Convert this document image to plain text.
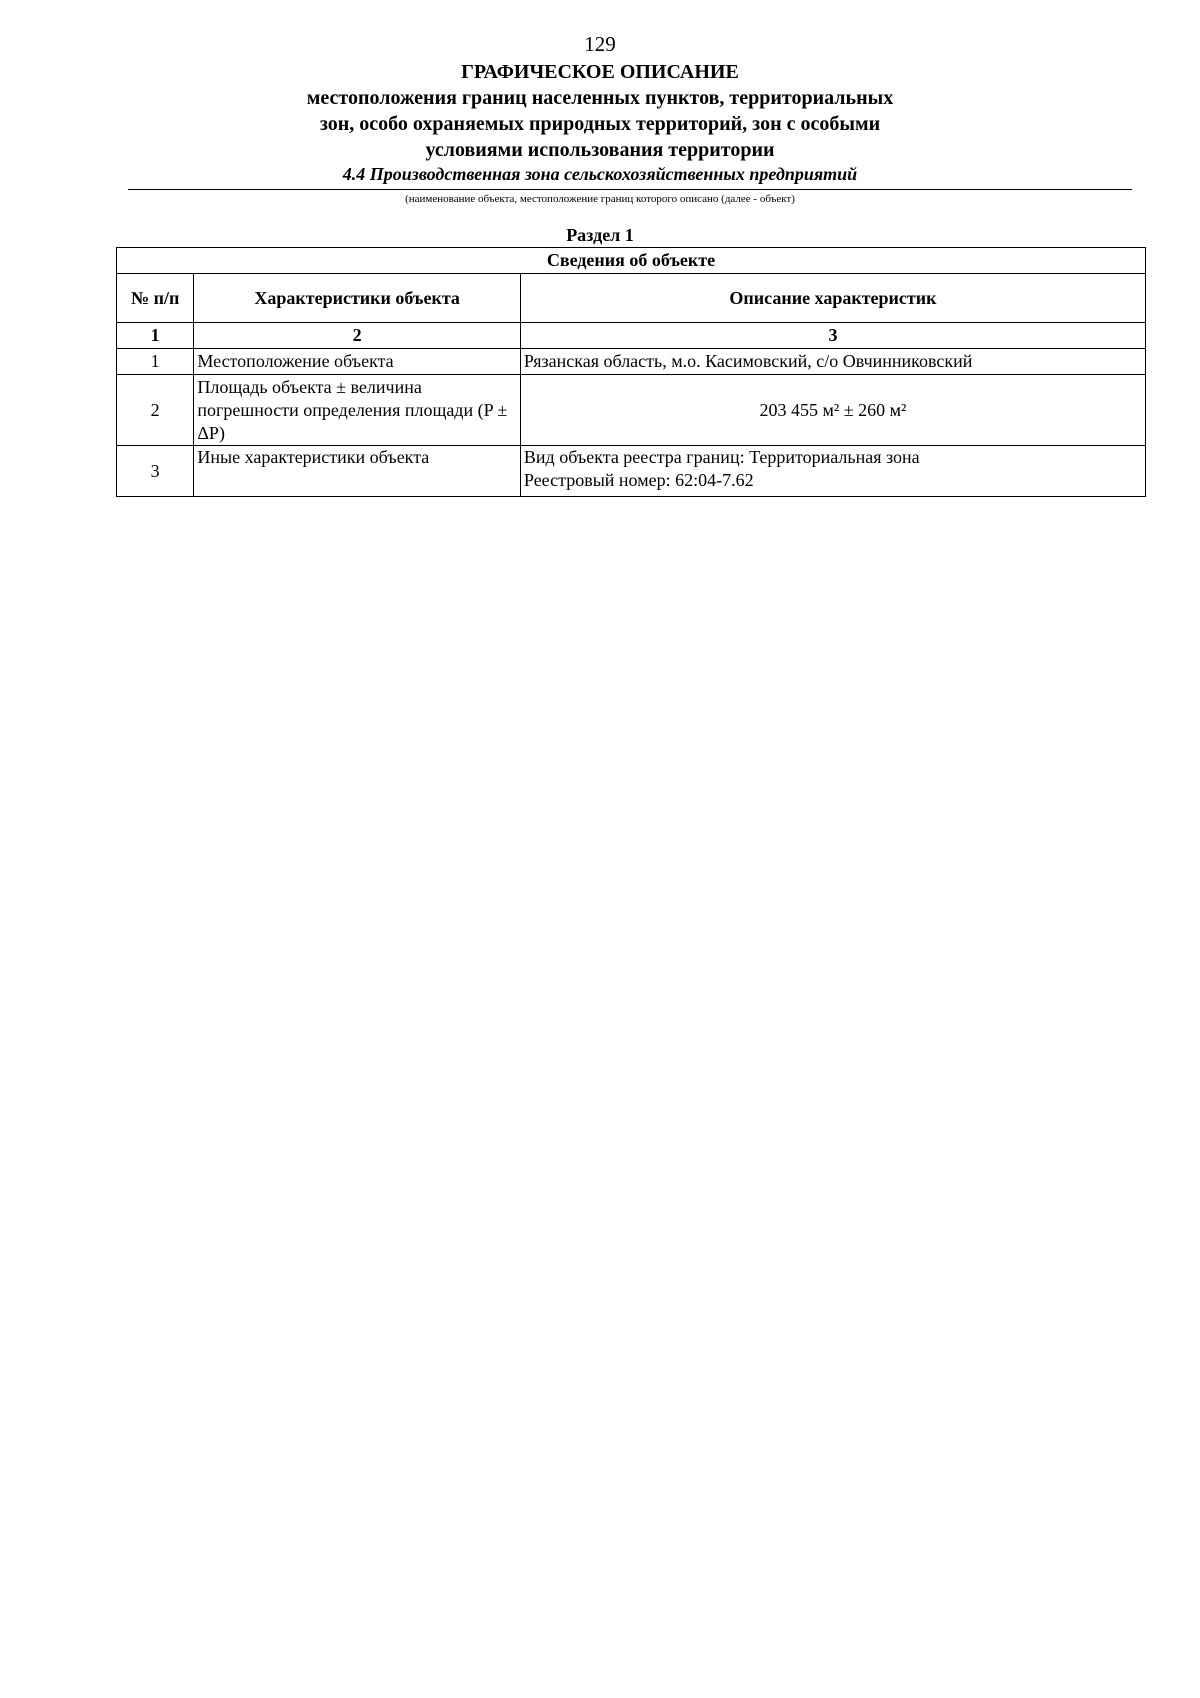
129
ГРАФИЧЕСКОЕ ОПИСАНИЕ
местоположения границ населенных пунктов, территориальных
зон, особо охраняемых природных территорий, зон с особыми
условиями использования территории
4.4 Производственная зона сельскохозяйственных предприятий
(наименование объекта, местоположение границ которого описано (далее - объект)
Раздел 1
Сведения об объекте		
№ п/п	Характеристики объекта	Описание характеристик
1	2	3
1	Местоположение объекта	Рязанская область, м.о. Касимовский, с/о Овчинниковский
2	Площадь объекта ± величина погрешности определения площади (P ± ΔP)	203 455 м² ± 260 м²
3	Иные характеристики объекта	Вид объекта реестра границ: Территориальная зона
Реестровый номер: 62:04-7.62
